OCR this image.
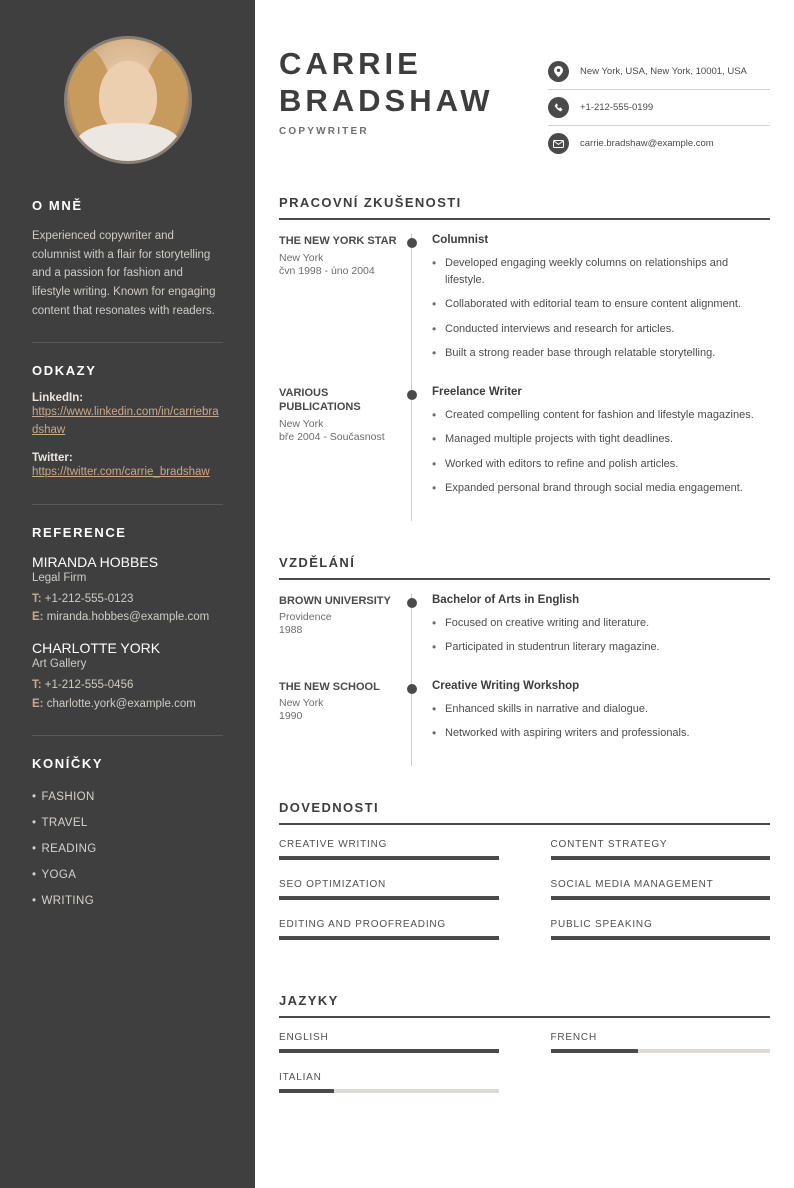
O MNĚ

Experienced copywriter and columnist with a flair for storytelling and a passion for fashion and lifestyle writing. Known for engaging content that resonates with readers.

ODKAZY
LinkedIn:
https://www.linkedin.com/in/carriebradshaw
Twitter:
https://twitter.com/carrie_bradshaw
REFERENCE
MIRANDA HOBBES
Legal Firm
T: +1-212-555-0123
E: miranda.hobbes@example.com
CHARLOTTE YORK
Art Gallery
T: +1-212-555-0456
E: charlotte.york@example.com
KONÍČKY
• FASHION
• TRAVEL
• READING
• YOGA
• WRITING
CARRIE
BRADSHAW
COPYWRITER
New York, USA, New York, 10001, USA
+1-212-555-0199
carrie.bradshaw@example.com
PRACOVNÍ ZKUŠENOSTI
THE NEW YORK STAR
New York
čvn 1998 - úno 2004
Columnist
• Developed engaging weekly columns on relationships and lifestyle.
• Collaborated with editorial team to ensure content alignment.
• Conducted interviews and research for articles.
• Built a strong reader base through relatable storytelling.
VARIOUS PUBLICATIONS
New York
bře 2004 - Současnost
Freelance Writer
• Created compelling content for fashion and lifestyle magazines.
• Managed multiple projects with tight deadlines.
• Worked with editors to refine and polish articles.
• Expanded personal brand through social media engagement.
VZDĚLÁNÍ
BROWN UNIVERSITY
Providence
1988
Bachelor of Arts in English
• Focused on creative writing and literature.
• Participated in studentrun literary magazine.
THE NEW SCHOOL
New York
1990
Creative Writing Workshop
• Enhanced skills in narrative and dialogue.
• Networked with aspiring writers and professionals.
DOVEDNOSTI
CREATIVE WRITING	CONTENT STRATEGY
SEO OPTIMIZATION	SOCIAL MEDIA MANAGEMENT
EDITING AND PROOFREADING	PUBLIC SPEAKING
JAZYKY
ENGLISH	FRENCH
ITALIAN
